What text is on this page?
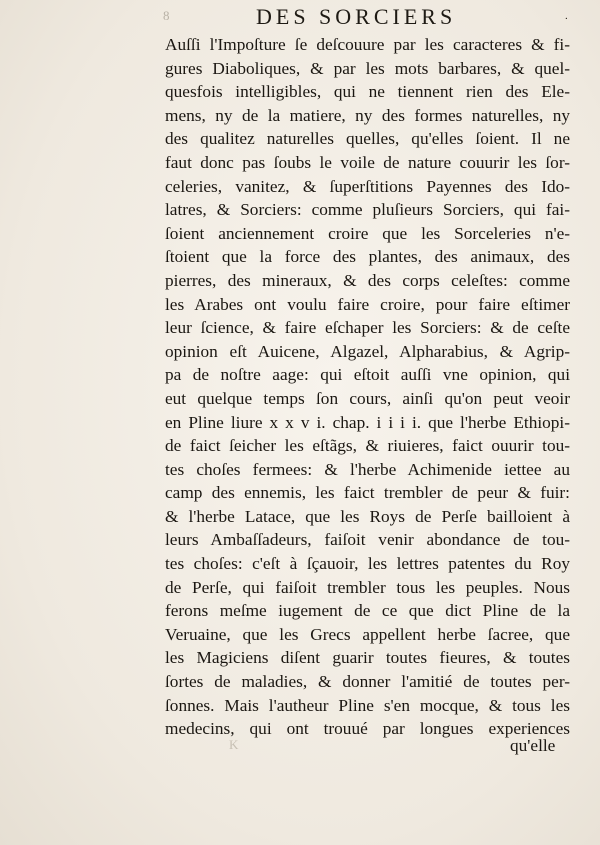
8	DES SORCIERS	.
Auſſi l'Impoſture ſe deſcouure par les caracteres & fi-
gures Diaboliques, & par les mots barbares, & quel-
quesfois intelligibles, qui ne tiennent rien des Ele-
mens, ny de la matiere, ny des formes naturelles, ny
des qualitez naturelles quelles, qu'elles ſoient. Il ne
faut donc pas ſoubs le voile de nature couurir les ſor-
celeries, vanitez, & ſuperſtitions Payennes des Ido-
latres, & Sorciers: comme pluſieurs Sorciers, qui fai-
ſoient anciennement croire que les Sorceleries n'e-
ſtoient que la force des plantes, des animaux, des
pierres, des mineraux, & des corps celeſtes: comme
les Arabes ont voulu faire croire, pour faire eſtimer
leur ſcience, & faire eſchaper les Sorciers: & de ceſte
opinion eſt Auicene, Algazel, Alpharabius, & Agrip-
pa de noſtre aage: qui eſtoit auſſi vne opinion, qui
eut quelque temps ſon cours, ainſi qu'on peut veoir
en Pline liure x x v i. chap. i i i i. que l'herbe Ethiopi-
de faict ſeicher les eſtãgs, & riuieres, faict ouurir tou-
tes choſes fermees: & l'herbe Achimenide iettee au
camp des ennemis, les faict trembler de peur & fuir:
& l'herbe Latace, que les Roys de Perſe bailloient à
leurs Ambaſſadeurs, faiſoit venir abondance de tou-
tes choſes: c'eſt à ſçauoir, les lettres patentes du Roy
de Perſe, qui faiſoit trembler tous les peuples. Nous
ferons meſme iugement de ce que dict Pline de la
Veruaine, que les Grecs appellent herbe ſacree, que
les Magiciens diſent guarir toutes fieures, & toutes
ſortes de maladies, & donner l'amitié de toutes per-
ſonnes. Mais l'autheur Pline s'en mocque, & tous les
medecins, qui ont trouué par longues experiences
K	qu'elle
